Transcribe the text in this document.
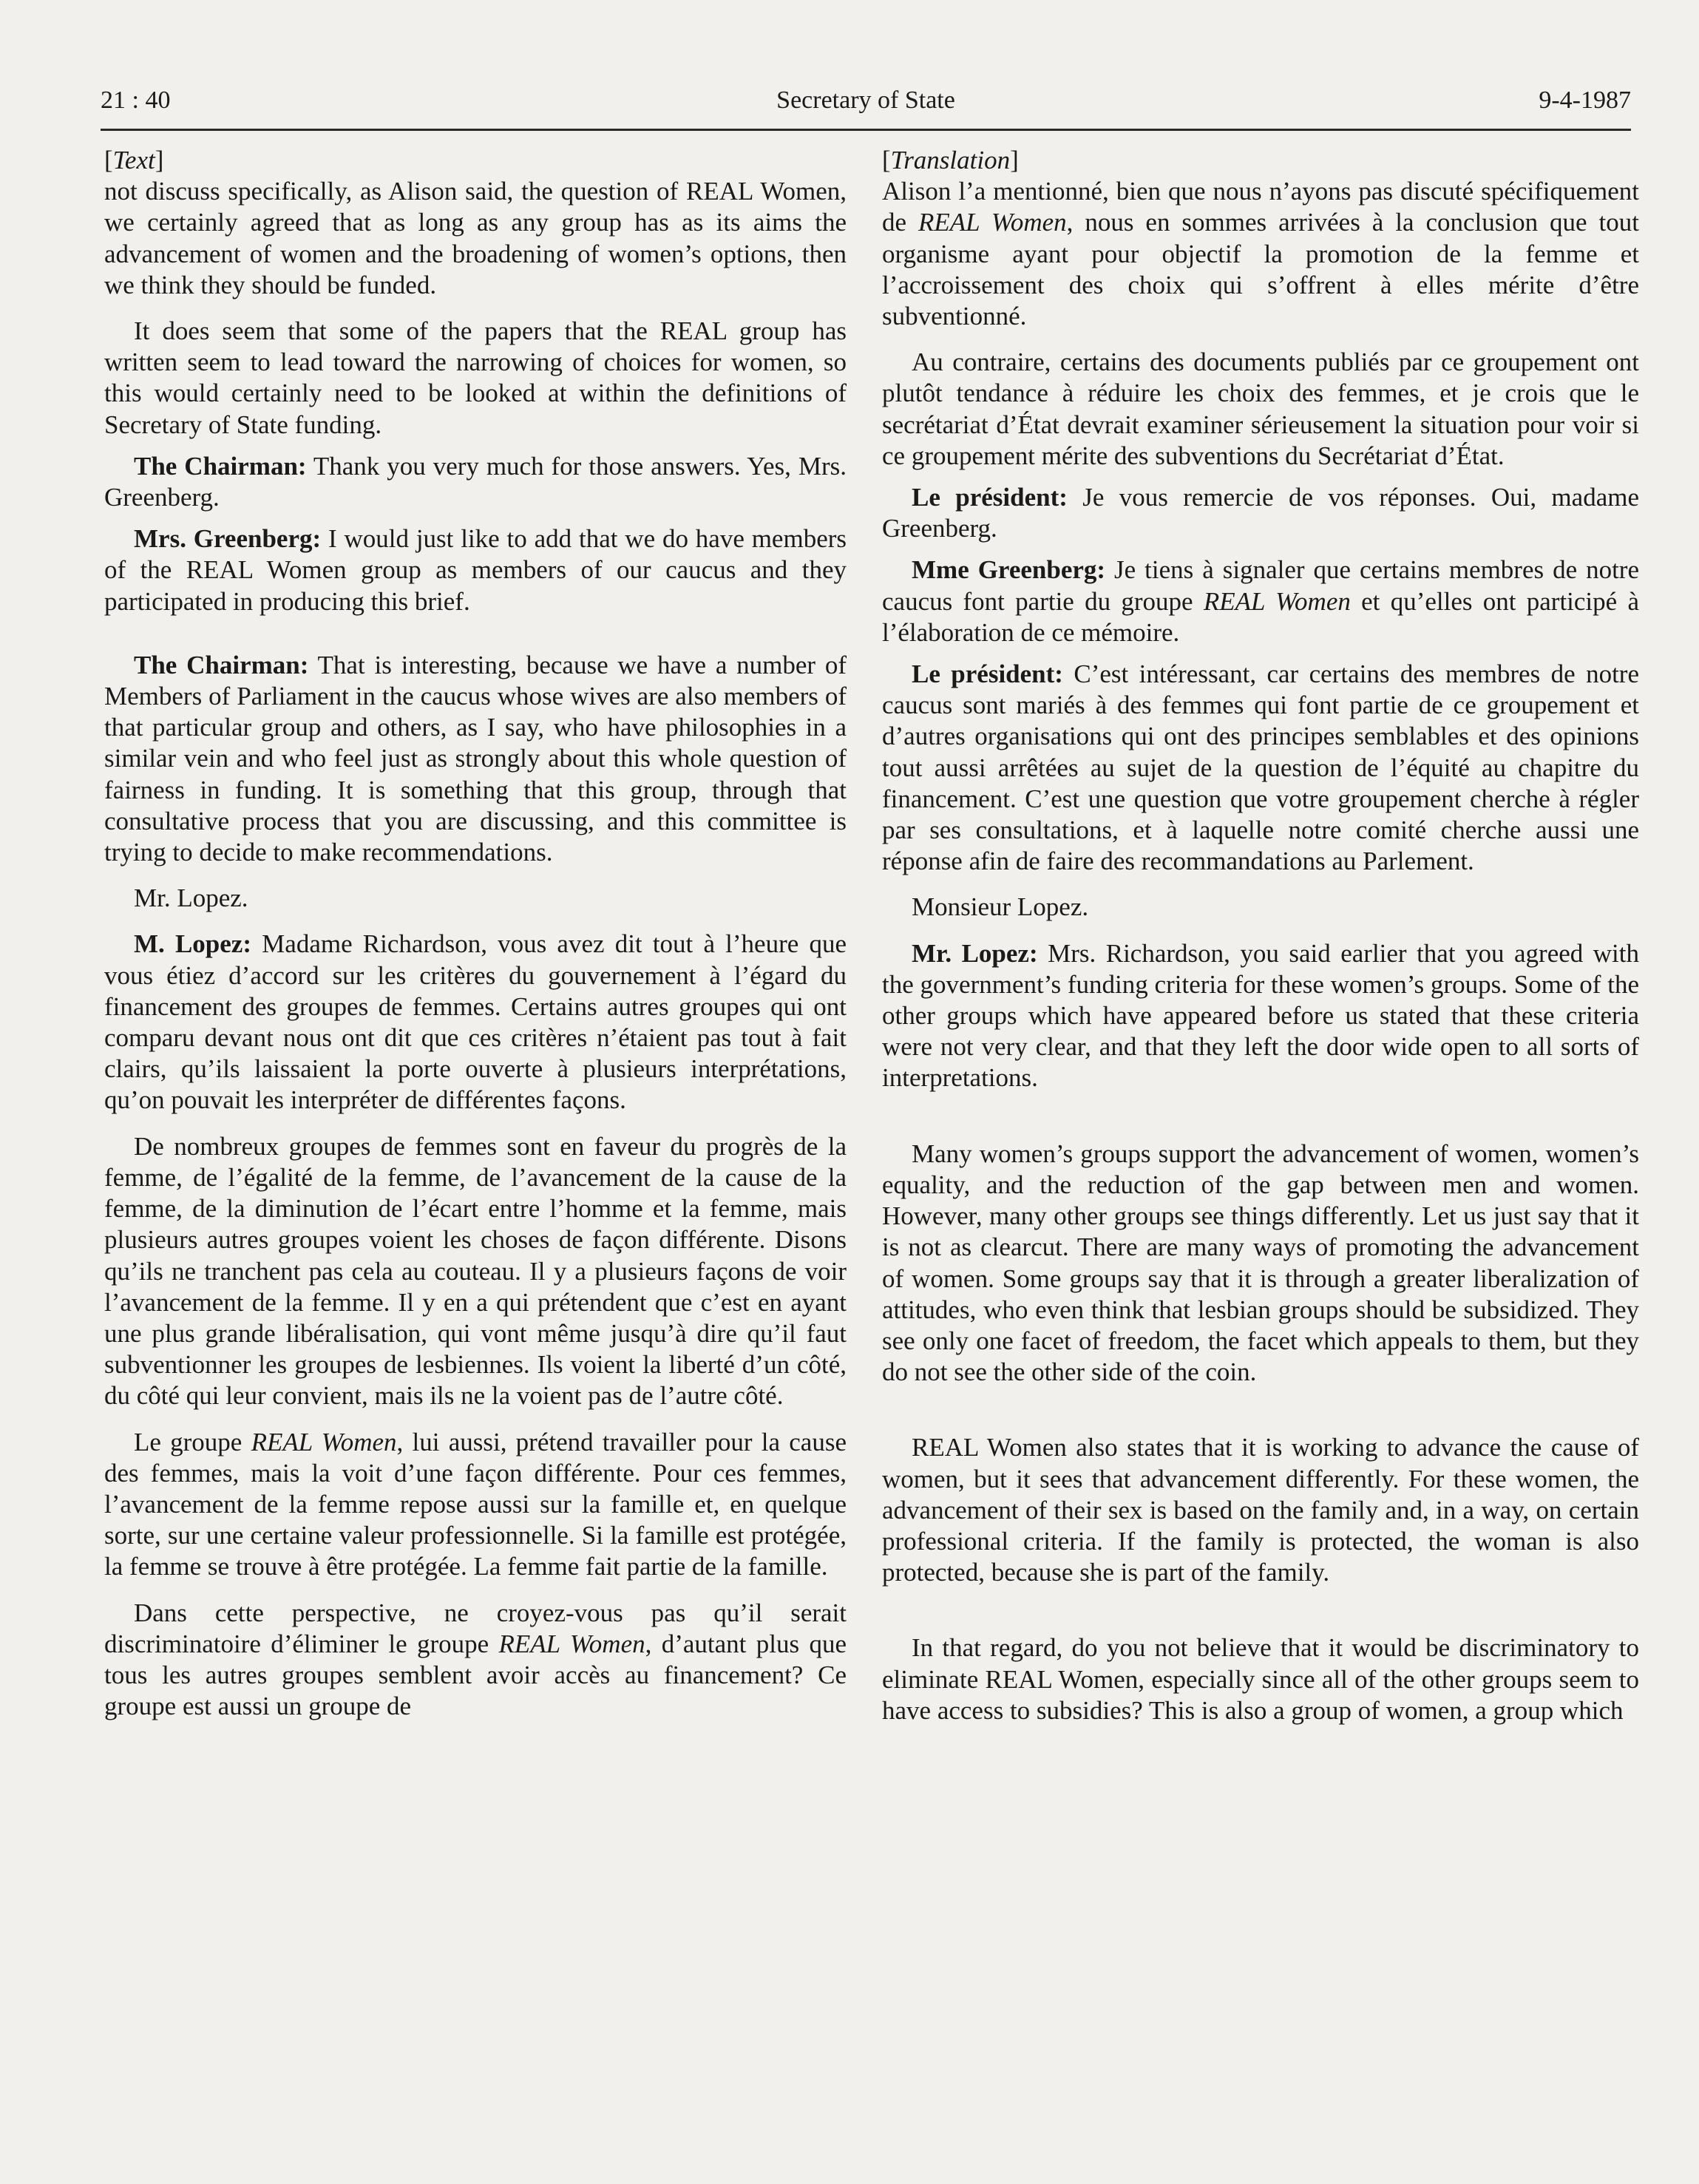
21 : 40	Secretary of State	9-4-1987
[Text]

not discuss specifically, as Alison said, the question of REAL Women, we certainly agreed that as long as any group has as its aims the advancement of women and the broadening of women’s options, then we think they should be funded.

It does seem that some of the papers that the REAL group has written seem to lead toward the narrowing of choices for women, so this would certainly need to be looked at within the definitions of Secretary of State funding.

The Chairman: Thank you very much for those answers. Yes, Mrs. Greenberg.

Mrs. Greenberg: I would just like to add that we do have members of the REAL Women group as members of our caucus and they participated in producing this brief.

The Chairman: That is interesting, because we have a number of Members of Parliament in the caucus whose wives are also members of that particular group and others, as I say, who have philosophies in a similar vein and who feel just as strongly about this whole question of fairness in funding. It is something that this group, through that consultative process that you are discussing, and this committee is trying to decide to make recommendations.

Mr. Lopez.

M. Lopez: Madame Richardson, vous avez dit tout à l’heure que vous étiez d’accord sur les critères du gouvernement à l’égard du financement des groupes de femmes. Certains autres groupes qui ont comparu devant nous ont dit que ces critères n’étaient pas tout à fait clairs, qu’ils laissaient la porte ouverte à plusieurs interprétations, qu’on pouvait les interpréter de différentes façons.

De nombreux groupes de femmes sont en faveur du progrès de la femme, de l’égalité de la femme, de l’avancement de la cause de la femme, de la diminution de l’écart entre l’homme et la femme, mais plusieurs autres groupes voient les choses de façon différente. Disons qu’ils ne tranchent pas cela au couteau. Il y a plusieurs façons de voir l’avancement de la femme. Il y en a qui prétendent que c’est en ayant une plus grande libéralisation, qui vont même jusqu’à dire qu’il faut subventionner les groupes de lesbiennes. Ils voient la liberté d’un côté, du côté qui leur convient, mais ils ne la voient pas de l’autre côté.

Le groupe REAL Women, lui aussi, prétend travailler pour la cause des femmes, mais la voit d’une façon différente. Pour ces femmes, l’avancement de la femme repose aussi sur la famille et, en quelque sorte, sur une certaine valeur professionnelle. Si la famille est protégée, la femme se trouve à être protégée. La femme fait partie de la famille.

Dans cette perspective, ne croyez-vous pas qu’il serait discriminatoire d’éliminer le groupe REAL Women, d’autant plus que tous les autres groupes semblent avoir accès au financement? Ce groupe est aussi un groupe de

[Translation]

Alison l’a mentionné, bien que nous n’ayons pas discuté spécifiquement de REAL Women, nous en sommes arrivées à la conclusion que tout organisme ayant pour objectif la promotion de la femme et l’accroissement des choix qui s’offrent à elles mérite d’être subventionné.

Au contraire, certains des documents publiés par ce groupement ont plutôt tendance à réduire les choix des femmes, et je crois que le secrétariat d’État devrait examiner sérieusement la situation pour voir si ce groupement mérite des subventions du Secrétariat d’État.

Le président: Je vous remercie de vos réponses. Oui, madame Greenberg.

Mme Greenberg: Je tiens à signaler que certains membres de notre caucus font partie du groupe REAL Women et qu’elles ont participé à l’élaboration de ce mémoire.

Le président: C’est intéressant, car certains des membres de notre caucus sont mariés à des femmes qui font partie de ce groupement et d’autres organisations qui ont des principes semblables et des opinions tout aussi arrêtées au sujet de la question de l’équité au chapitre du financement. C’est une question que votre groupement cherche à régler par ses consultations, et à laquelle notre comité cherche aussi une réponse afin de faire des recommandations au Parlement.

Monsieur Lopez.

Mr. Lopez: Mrs. Richardson, you said earlier that you agreed with the government’s funding criteria for these women’s groups. Some of the other groups which have appeared before us stated that these criteria were not very clear, and that they left the door wide open to all sorts of interpretations.

Many women’s groups support the advancement of women, women’s equality, and the reduction of the gap between men and women. However, many other groups see things differently. Let us just say that it is not as clearcut. There are many ways of promoting the advancement of women. Some groups say that it is through a greater liberalization of attitudes, who even think that lesbian groups should be subsidized. They see only one facet of freedom, the facet which appeals to them, but they do not see the other side of the coin.

REAL Women also states that it is working to advance the cause of women, but it sees that advancement differently. For these women, the advancement of their sex is based on the family and, in a way, on certain professional criteria. If the family is protected, the woman is also protected, because she is part of the family.

In that regard, do you not believe that it would be discriminatory to eliminate REAL Women, especially since all of the other groups seem to have access to subsidies? This is also a group of women, a group which
